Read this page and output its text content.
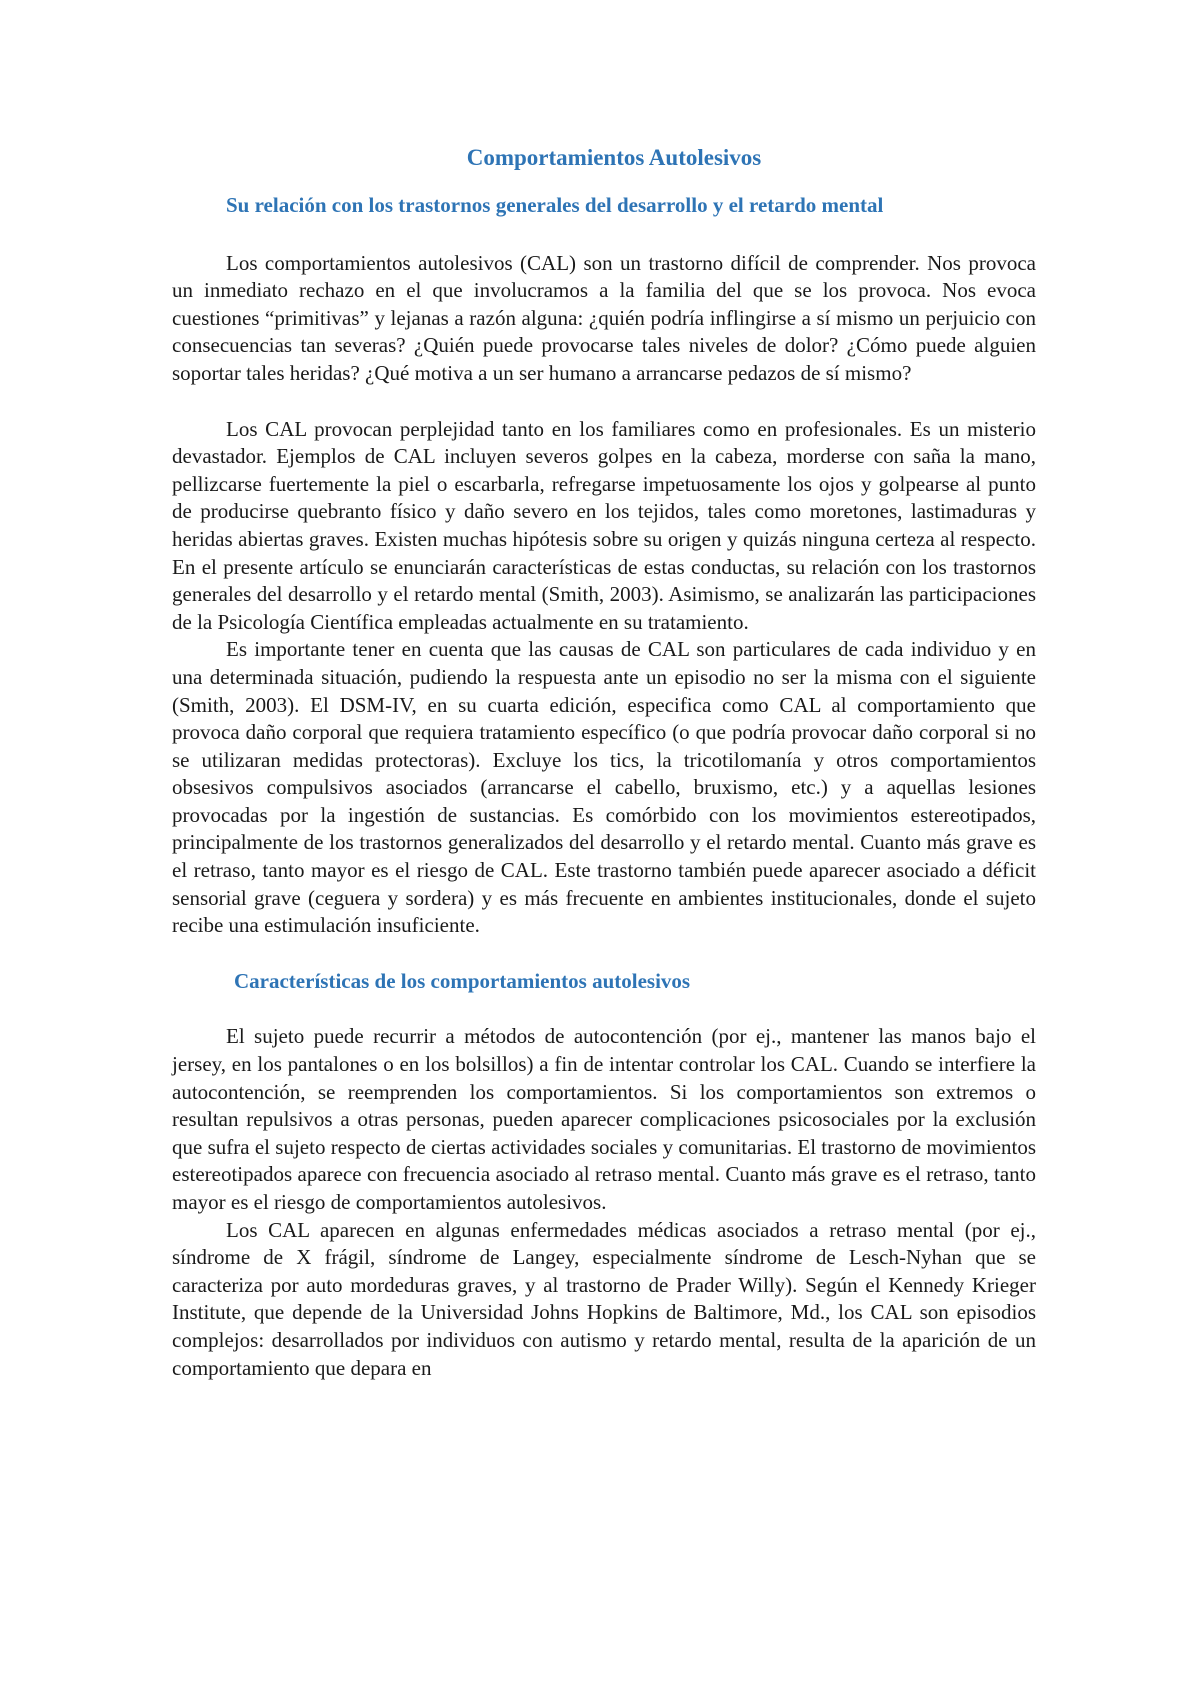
Comportamientos Autolesivos
Su relación con los trastornos generales del desarrollo y el retardo mental

Los comportamientos autolesivos (CAL) son un trastorno difícil de comprender. Nos provoca un inmediato rechazo en el que involucramos a la familia del que se los provoca. Nos evoca cuestiones “primitivas” y lejanas a razón alguna: ¿quién podría inflingirse a sí mismo un perjuicio con consecuencias tan severas? ¿Quién puede provocarse tales niveles de dolor? ¿Cómo puede alguien soportar tales heridas? ¿Qué motiva a un ser humano a arrancarse pedazos de sí mismo?

Los CAL provocan perplejidad tanto en los familiares como en profesionales. Es un misterio devastador. Ejemplos de CAL incluyen severos golpes en la cabeza, morderse con saña la mano, pellizcarse fuertemente la piel o escarbarla, refregarse impetuosamente los ojos y golpearse al punto de producirse quebranto físico y daño severo en los tejidos, tales como moretones, lastimaduras y heridas abiertas graves. Existen muchas hipótesis sobre su origen y quizás ninguna certeza al respecto. En el presente artículo se enunciarán características de estas conductas, su relación con los trastornos generales del desarrollo y el retardo mental (Smith, 2003). Asimismo, se analizarán las participaciones de la Psicología Científica empleadas actualmente en su tratamiento.

Es importante tener en cuenta que las causas de CAL son particulares de cada individuo y en una determinada situación, pudiendo la respuesta ante un episodio no ser la misma con el siguiente (Smith, 2003). El DSM-IV, en su cuarta edición, especifica como CAL al comportamiento que provoca daño corporal que requiera tratamiento específico (o que podría provocar daño corporal si no se utilizaran medidas protectoras). Excluye los tics, la tricotilomanía y otros comportamientos obsesivos compulsivos asociados (arrancarse el cabello, bruxismo, etc.) y a aquellas lesiones provocadas por la ingestión de sustancias. Es comórbido con los movimientos estereotipados, principalmente de los trastornos generalizados del desarrollo y el retardo mental. Cuanto más grave es el retraso, tanto mayor es el riesgo de CAL. Este trastorno también puede aparecer asociado a déficit sensorial grave (ceguera y sordera) y es más frecuente en ambientes institucionales, donde el sujeto recibe una estimulación insuficiente.

Características de los comportamientos autolesivos

El sujeto puede recurrir a métodos de autocontención (por ej., mantener las manos bajo el jersey, en los pantalones o en los bolsillos) a fin de intentar controlar los CAL. Cuando se interfiere la autocontención, se reemprenden los comportamientos. Si los comportamientos son extremos o resultan repulsivos a otras personas, pueden aparecer complicaciones psicosociales por la exclusión que sufra el sujeto respecto de ciertas actividades sociales y comunitarias. El trastorno de movimientos estereotipados aparece con frecuencia asociado al retraso mental. Cuanto más grave es el retraso, tanto mayor es el riesgo de comportamientos autolesivos.

Los CAL aparecen en algunas enfermedades médicas asociados a retraso mental (por ej., síndrome de X frágil, síndrome de Langey, especialmente síndrome de Lesch-Nyhan que se caracteriza por auto mordeduras graves, y al trastorno de Prader Willy). Según el Kennedy Krieger Institute, que depende de la Universidad Johns Hopkins de Baltimore, Md., los CAL son episodios complejos: desarrollados por individuos con autismo y retardo mental, resulta de la aparición de un comportamiento que depara en
